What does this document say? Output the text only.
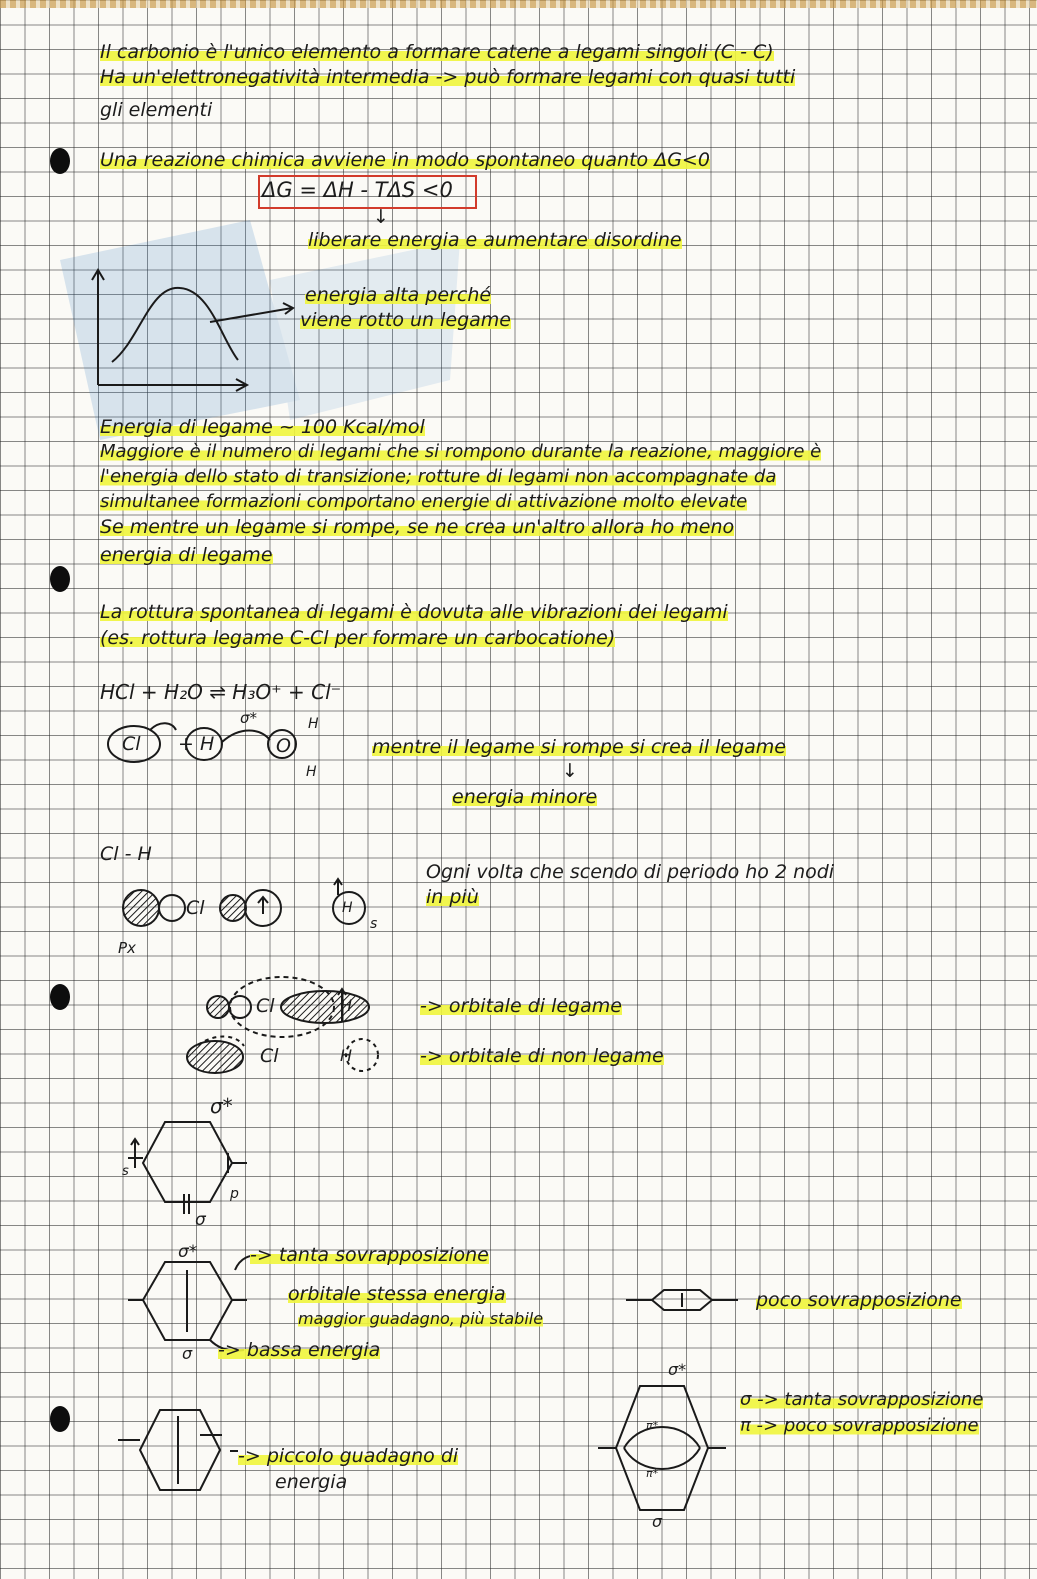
Il carbonio è l'unico elemento a formare catene a legami singoli (C - C)
Ha un'elettronegatività intermedia -> può formare legami con quasi tutti
gli elementi
Una reazione chimica avviene in modo spontaneo quanto ΔG<0
ΔG = ΔH - TΔS <0
↓
liberare energia e aumentare disordine
energia alta perché
viene rotto un legame
Energia di legame ~ 100 Kcal/mol
Maggiore è il numero di legami che si rompono durante la reazione, maggiore è
l'energia dello stato di transizione; rotture di legami non accompagnate da
simultanee formazioni comportano energie di attivazione molto elevate
Se mentre un legame si rompe, se ne crea un'altro allora ho meno
energia di legame
La rottura spontanea di legami è dovuta alle vibrazioni dei legami
(es. rottura legame C-Cl per formare un carbocatione)
HCl + H₂O ⇌ H₃O⁺ + Cl⁻
σ*
Cl + H	O
H
H
mentre il legame si rompe si crea il legame
↓
energia minore
Cl - H
Cl	H
s
Px
Ogni volta che scendo di periodo ho 2 nodi
in più
Cl	H	-> orbitale di legame
Cl	H	-> orbitale di non legame
σ*
σ
s
p
σ*
σ
-> tanta sovrapposizione
orbitale stessa energia
maggior guadagno, più stabile
-> bassa energia
poco sovrapposizione
-> piccolo guadagno di
energia
σ*
σ
π*
π*
σ -> tanta sovrapposizione
π -> poco sovrapposizione
